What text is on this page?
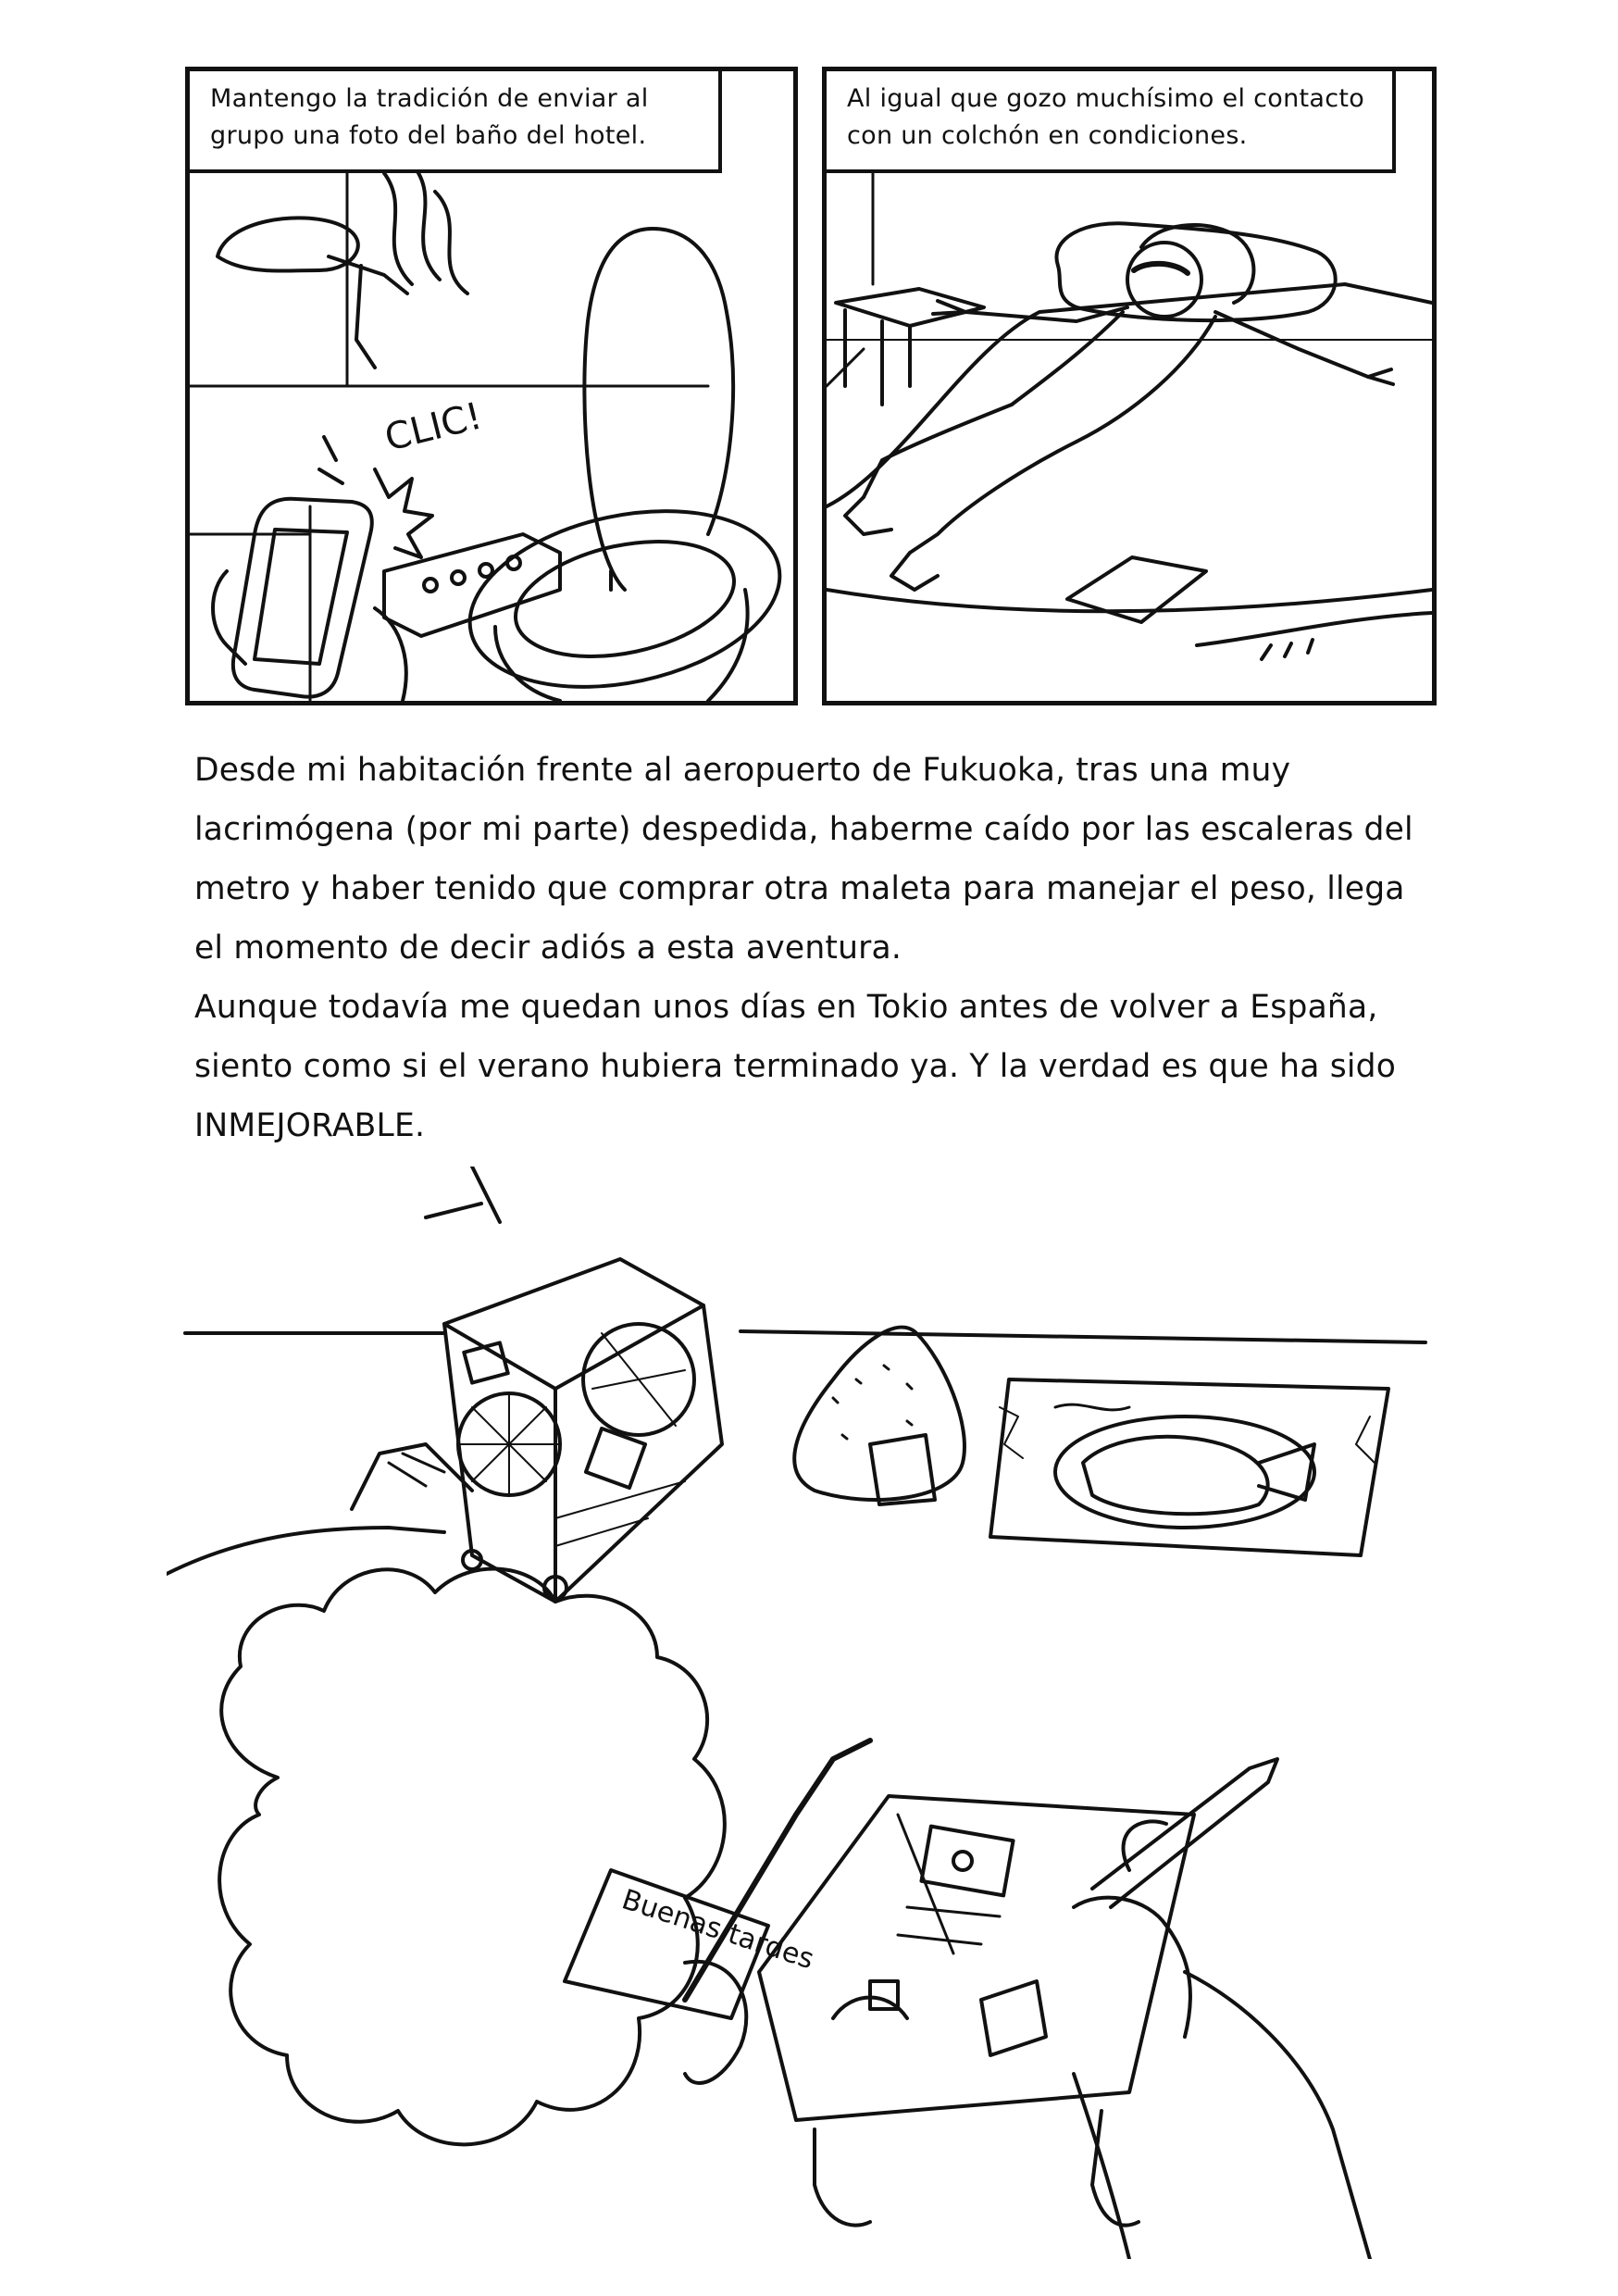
CLIC!
Mantengo la tradición de enviar al
grupo una foto del baño del hotel.
Al igual que gozo muchísimo el contacto
con un colchón en condiciones.
Desde mi habitación frente al aeropuerto de Fukuoka, tras una muy
lacrimógena (por mi parte) despedida, haberme caído por las escaleras del
metro y haber tenido que comprar otra maleta para manejar el peso, llega
el momento de decir adiós a esta aventura.
Aunque todavía me quedan unos días en Tokio antes de volver a España,
siento como si el verano hubiera terminado ya. Y la verdad es que ha sido
INMEJORABLE.
Buenas tardes
